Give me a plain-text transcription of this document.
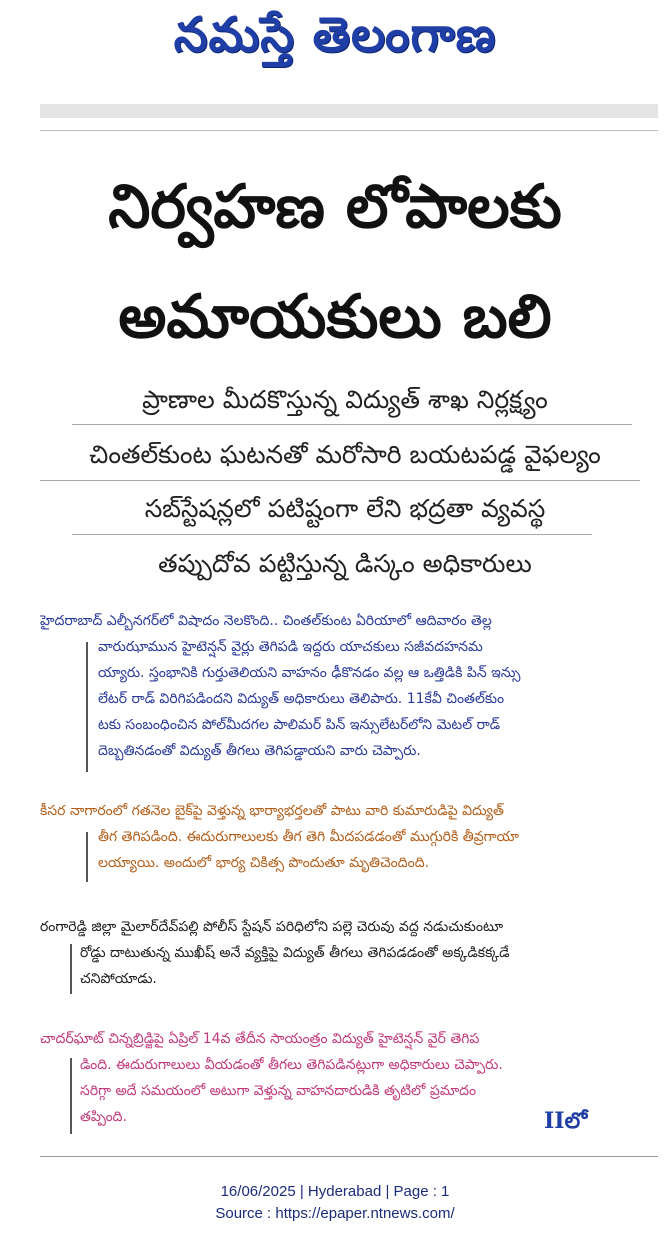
నమస్తే తెలంగాణ
నిర్వహణ లోపాలకు
అమాయకులు బలి
ప్రాణాల మీదకొస్తున్న విద్యుత్ శాఖ నిర్లక్ష్యం
చింతల్‌కుంట ఘటనతో మరోసారి బయటపడ్డ వైఫల్యం
సబ్‌స్టేషన్లలో పటిష్టంగా లేని భద్రతా వ్యవస్థ
తప్పుదోవ పట్టిస్తున్న డిస్కం అధికారులు
హైదరాబాద్ ఎల్బీనగర్‌లో విషాదం నెలకొంది.. చింతల్‌కుంట ఏరియాలో ఆదివారం తెల్ల
వారుఝామున హైటెన్షన్ వైర్లు తెగిపడి ఇద్దరు యాచకులు సజీవదహనమ
య్యారు. స్తంభానికి గుర్తుతెలియని వాహనం ఢీకొనడం వల్ల ఆ ఒత్తిడికి పిన్ ఇన్సు
లేటర్ రాడ్ విరిగిపడిందని విద్యుత్ అధికారులు తెలిపారు. 11కేవీ చింతల్‌కుం
టకు సంబంధించిన పోల్‌మీదగల పాలిమర్ పిన్ ఇన్సులేటర్‌లోని మెటల్ రాడ్
దెబ్బతినడంతో విద్యుత్ తీగలు తెగిపడ్డాయని వారు చెప్పారు.
కీసర నాగారంలో గతనెల బైక్‌పై వెళ్తున్న భార్యాభర్తలతో పాటు వారి కుమారుడిపై విద్యుత్
తీగ తెగిపడింది. ఈదురుగాలులకు తీగ తెగి మీదపడడంతో ముగ్గురికి తీవ్రగాయా
లయ్యాయి. అందులో భార్య చికిత్స పొందుతూ మృతిచెందింది.
రంగారెడ్డి జిల్లా మైలార్‌దేవ్‌పల్లి పోలీస్ స్టేషన్ పరిధిలోని పల్లె చెరువు వద్ద నడుచుకుంటూ
రోడ్డు దాటుతున్న ముఖీష్ అనే వ్యక్తిపై విద్యుత్ తీగలు తెగిపడడంతో అక్కడికక్కడే
చనిపోయాడు.
చాదర్‌ఘాట్ చిన్నబ్రిడ్జిపై ఏప్రిల్ 14వ తేదీన సాయంత్రం విద్యుత్ హైటెన్షన్ వైర్ తెగిప
డింది. ఈదురుగాలులు వీయడంతో తీగలు తెగిపడినట్లుగా అధికారులు చెప్పారు.
సరిగ్గా అదే సమయంలో అటుగా వెళ్తున్న వాహనదారుడికి తృటిలో ప్రమాదం
తప్పింది.	IIలో
16/06/2025 | Hyderabad | Page : 1
Source : https://epaper.ntnews.com/
